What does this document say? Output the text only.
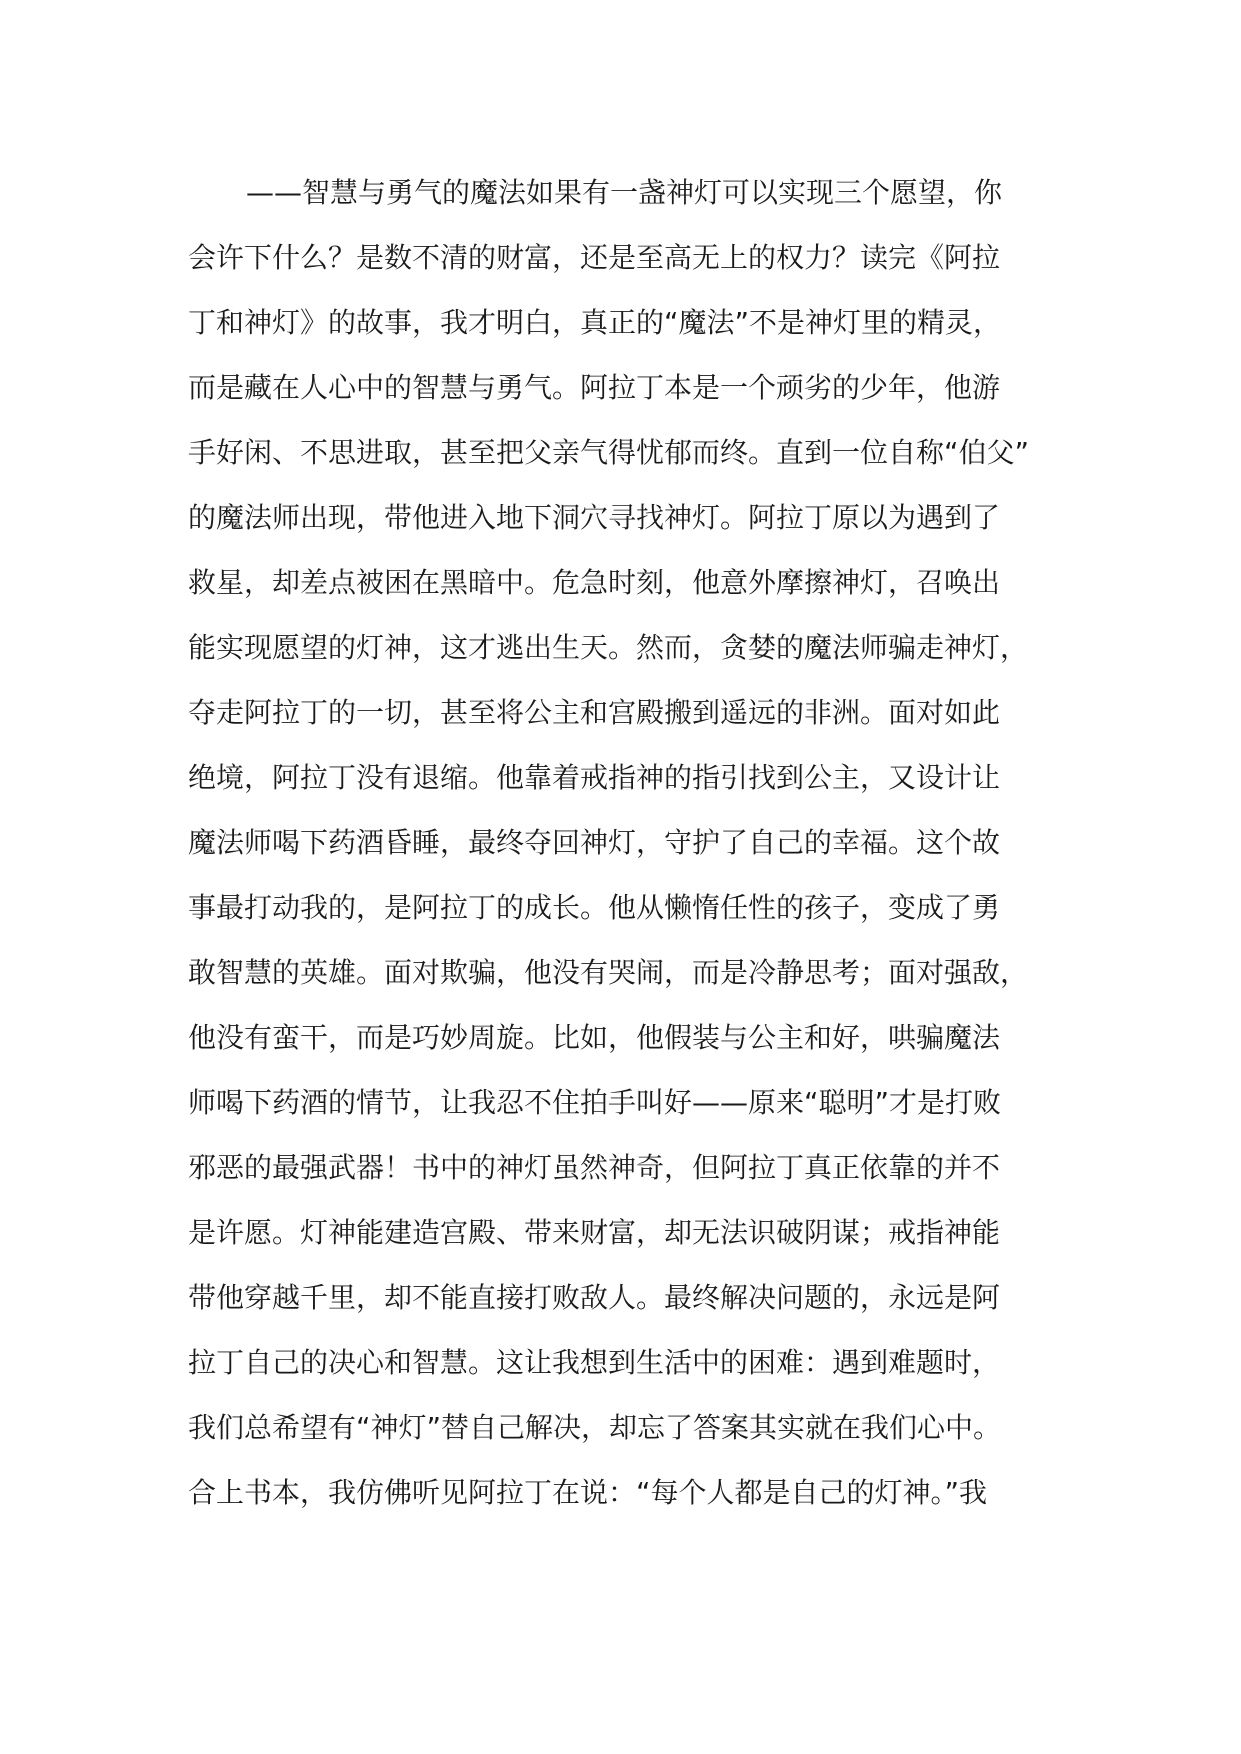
——智慧与勇气的魔法如果有一盏神灯可以实现三个愿望，你
会许下什么？是数不清的财富，还是至高无上的权力？读完《阿拉
丁和神灯》的故事，我才明白，真正的“魔法”不是神灯里的精灵，
而是藏在人心中的智慧与勇气。阿拉丁本是一个顽劣的少年，他游
手好闲、不思进取，甚至把父亲气得忧郁而终。直到一位自称“伯父”
的魔法师出现，带他进入地下洞穴寻找神灯。阿拉丁原以为遇到了
救星，却差点被困在黑暗中。危急时刻，他意外摩擦神灯，召唤出
能实现愿望的灯神，这才逃出生天。然而，贪婪的魔法师骗走神灯，
夺走阿拉丁的一切，甚至将公主和宫殿搬到遥远的非洲。面对如此
绝境，阿拉丁没有退缩。他靠着戒指神的指引找到公主，又设计让
魔法师喝下药酒昏睡，最终夺回神灯，守护了自己的幸福。这个故
事最打动我的，是阿拉丁的成长。他从懒惰任性的孩子，变成了勇
敢智慧的英雄。面对欺骗，他没有哭闹，而是冷静思考；面对强敌，
他没有蛮干，而是巧妙周旋。比如，他假装与公主和好，哄骗魔法
师喝下药酒的情节，让我忍不住拍手叫好——原来“聪明”才是打败
邪恶的最强武器！书中的神灯虽然神奇，但阿拉丁真正依靠的并不
是许愿。灯神能建造宫殿、带来财富，却无法识破阴谋；戒指神能
带他穿越千里，却不能直接打败敌人。最终解决问题的，永远是阿
拉丁自己的决心和智慧。这让我想到生活中的困难：遇到难题时，
我们总希望有“神灯”替自己解决，却忘了答案其实就在我们心中。
合上书本，我仿佛听见阿拉丁在说：“每个人都是自己的灯神。”我
